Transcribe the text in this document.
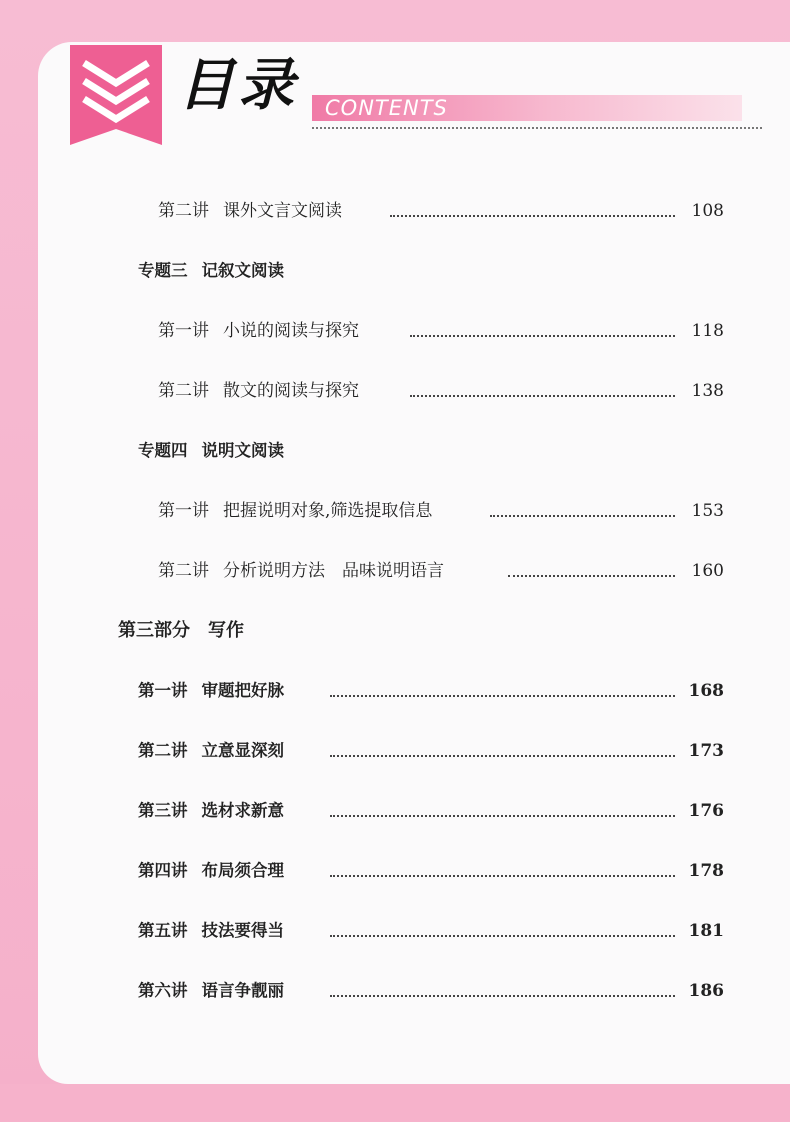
目录 CONTENTS
第二讲 课外文言文阅读	108
专题三 记叙文阅读
第一讲 小说的阅读与探究	118
第二讲 散文的阅读与探究	138
专题四 说明文阅读
第一讲 把握说明对象,筛选提取信息	153
第二讲 分析说明方法　品味说明语言	160
第三部分 写作
第一讲 审题把好脉	168
第二讲 立意显深刻	173
第三讲 选材求新意	176
第四讲 布局须合理	178
第五讲 技法要得当	181
第六讲 语言争靓丽	186
